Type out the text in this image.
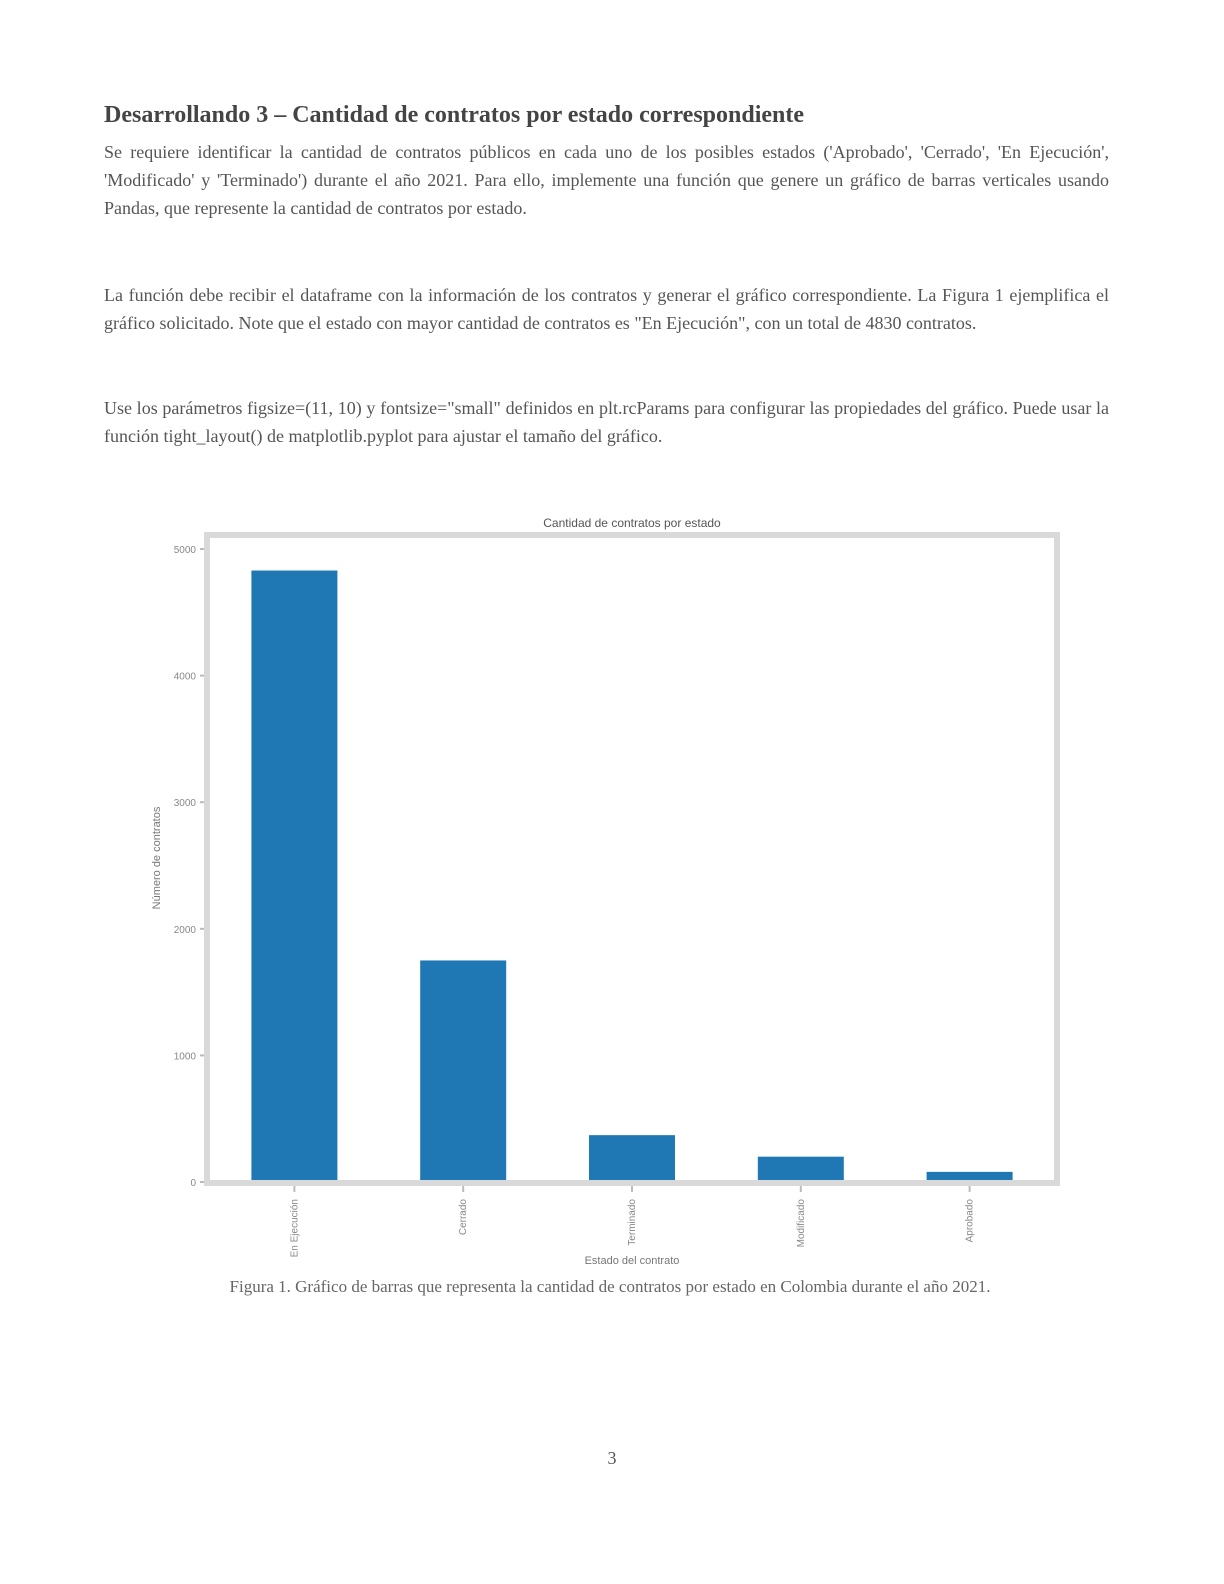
Desarrollando 3 – Cantidad de contratos por estado correspondiente
Se requiere identificar la cantidad de contratos públicos en cada uno de los posibles estados ('Aprobado', 'Cerrado', 'En Ejecución', 'Modificado' y 'Terminado') durante el año 2021. Para ello, implemente una función que genere un gráfico de barras verticales usando Pandas, que represente la cantidad de contratos por estado.
La función debe recibir el dataframe con la información de los contratos y generar el gráfico correspondiente. La Figura 1 ejemplifica el gráfico solicitado. Note que el estado con mayor cantidad de contratos es "En Ejecución", con un total de 4830 contratos.
Use los parámetros figsize=(11, 10) y fontsize="small" definidos en plt.rcParams para configurar las propiedades del gráfico. Puede usar la función tight_layout() de matplotlib.pyplot para ajustar el tamaño del gráfico.
Cantidad de contratos por estado
Número de contratos
Estado del contrato
0
1000
2000
3000
4000
5000
En Ejecución	Cerrado	Terminado	Modificado	Aprobado
Figura 1. Gráfico de barras que representa la cantidad de contratos por estado en Colombia durante el año 2021.
3
